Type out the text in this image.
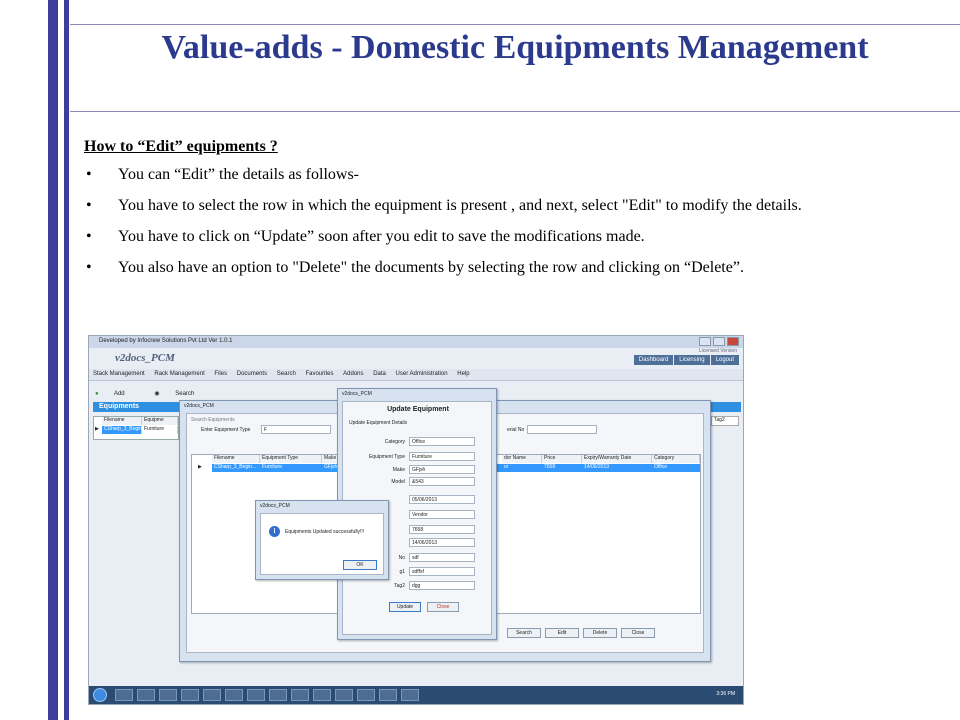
Value-adds - Domestic Equipments Management
How to “Edit” equipments ?
• You can “Edit” the details as follows-
• You have to select the row in which the equipment is present , and next, select "Edit" to modify the details.
• You have to click on “Update” soon after you edit to save the modifications made.
• You also have an option to "Delete" the documents by selecting the row and clicking on “Delete”.
Developed by Infocrew Solutions Pvt Ltd Ver 1.0.1
v2docs_PCM
Licensed Version
Dashboard	Licensing	Logout
Stack Management Rack Management Files Documents Search Favourites Addons Data User Administration Help
●	Add	◉	Search
Equipments
Filename	Equipme
▶	CSharp_3_Begin Furniture
Tag2
v2docs_PCM
Search Equipments
Enter Equipment Type	F	erial No
Filename	Equipment Type	Make	dor Name	Price	Expiry/Warranty Date	Category
▶ CSharp_3_Begin... Furniture	GFjsh	or	7658	14/06/2013	Office
Search	Edit	Delete	Close
v2docs_PCM
Update Equipment
Update Equipment Details
Category	Office
Equipment Type	Furniture
Make	GFjsh
Model	&543
05/06/2013
Vendor
7658
14/06/2013
No	sdf
g1	sdffsf
Tag2	dgg
Update	Close
v2docs_PCM
i	Equipments Updated successfully!!!
OK
3:36 PM
